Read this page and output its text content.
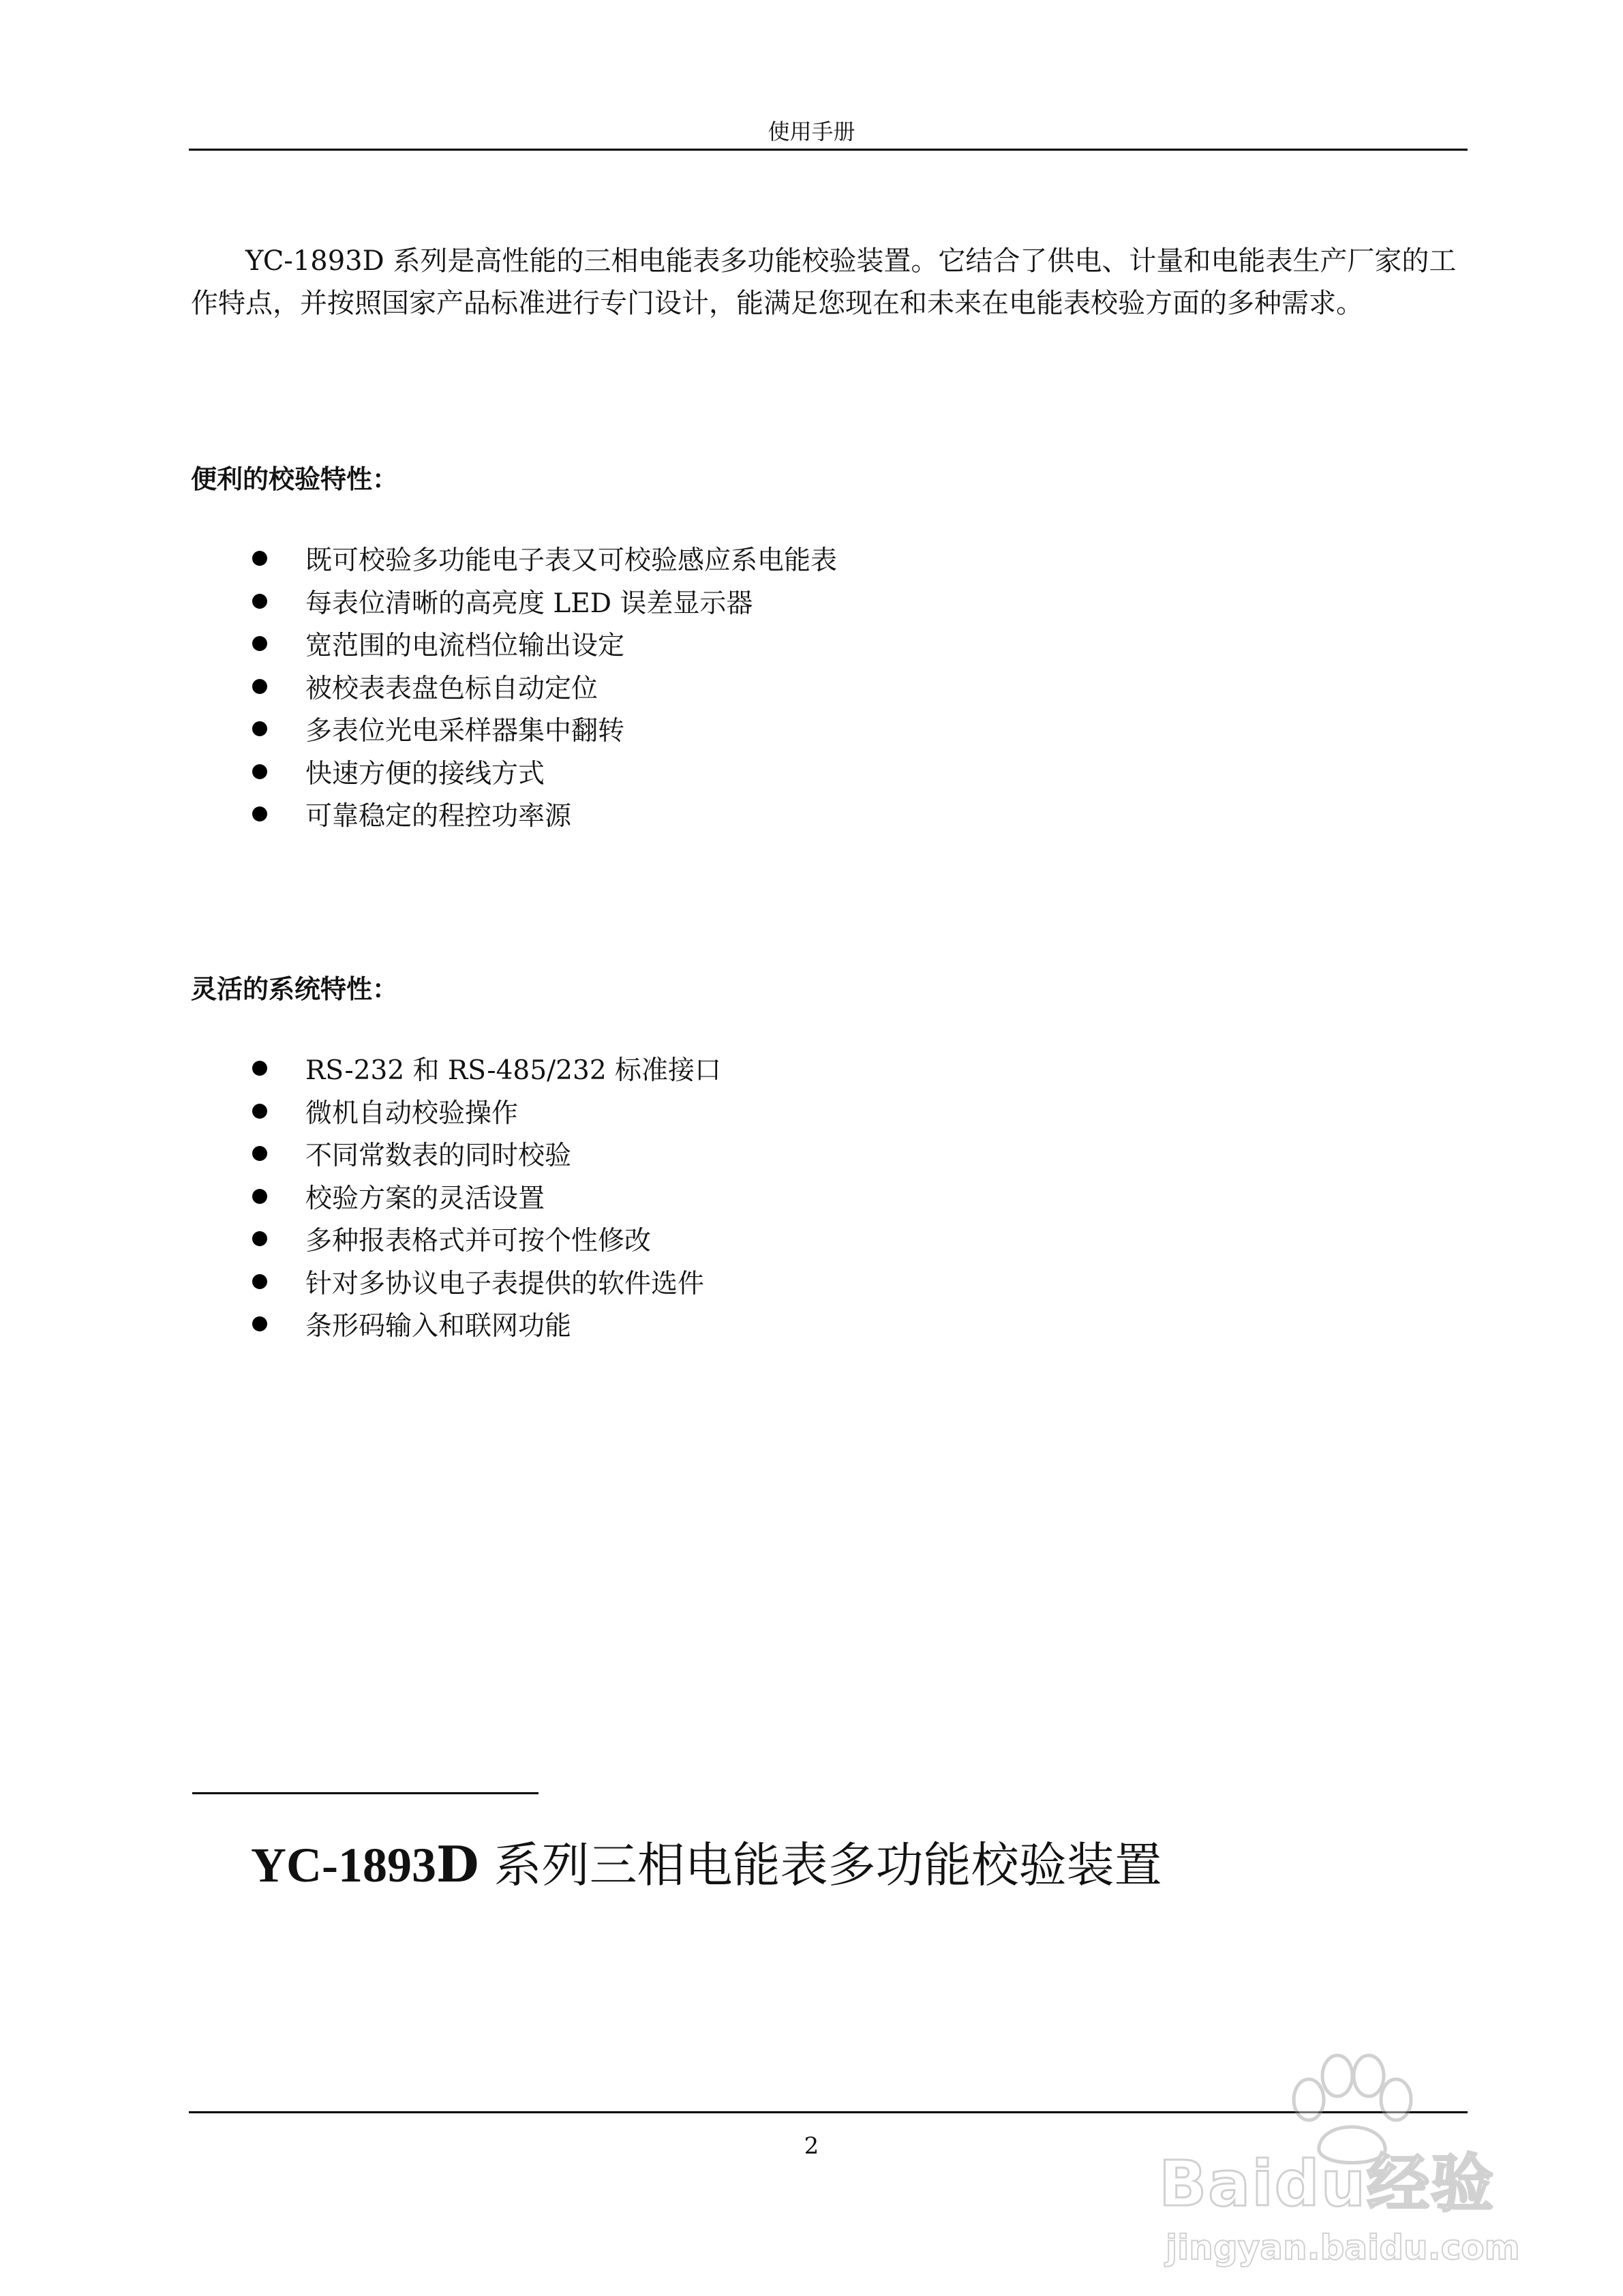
使用手册

YC-1893D 系列是高性能的三相电能表多功能校验装置。它结合了供电、计量和电能表生产厂家的工作特点，并按照国家产品标准进行专门设计，能满足您现在和未来在电能表校验方面的多种需求。

便利的校验特性：
既可校验多功能电子表又可校验感应系电能表
每表位清晰的高亮度 LED 误差显示器
宽范围的电流档位输出设定
被校表表盘色标自动定位
多表位光电采样器集中翻转
快速方便的接线方式
可靠稳定的程控功率源
灵活的系统特性：
RS-232 和 RS-485/232 标准接口
微机自动校验操作
不同常数表的同时校验
校验方案的灵活设置
多种报表格式并可按个性修改
针对多协议电子表提供的软件选件
条形码输入和联网功能
YC-1893D 系列三相电能表多功能校验装置
2
Baidu经验
jingyan.baidu.com
